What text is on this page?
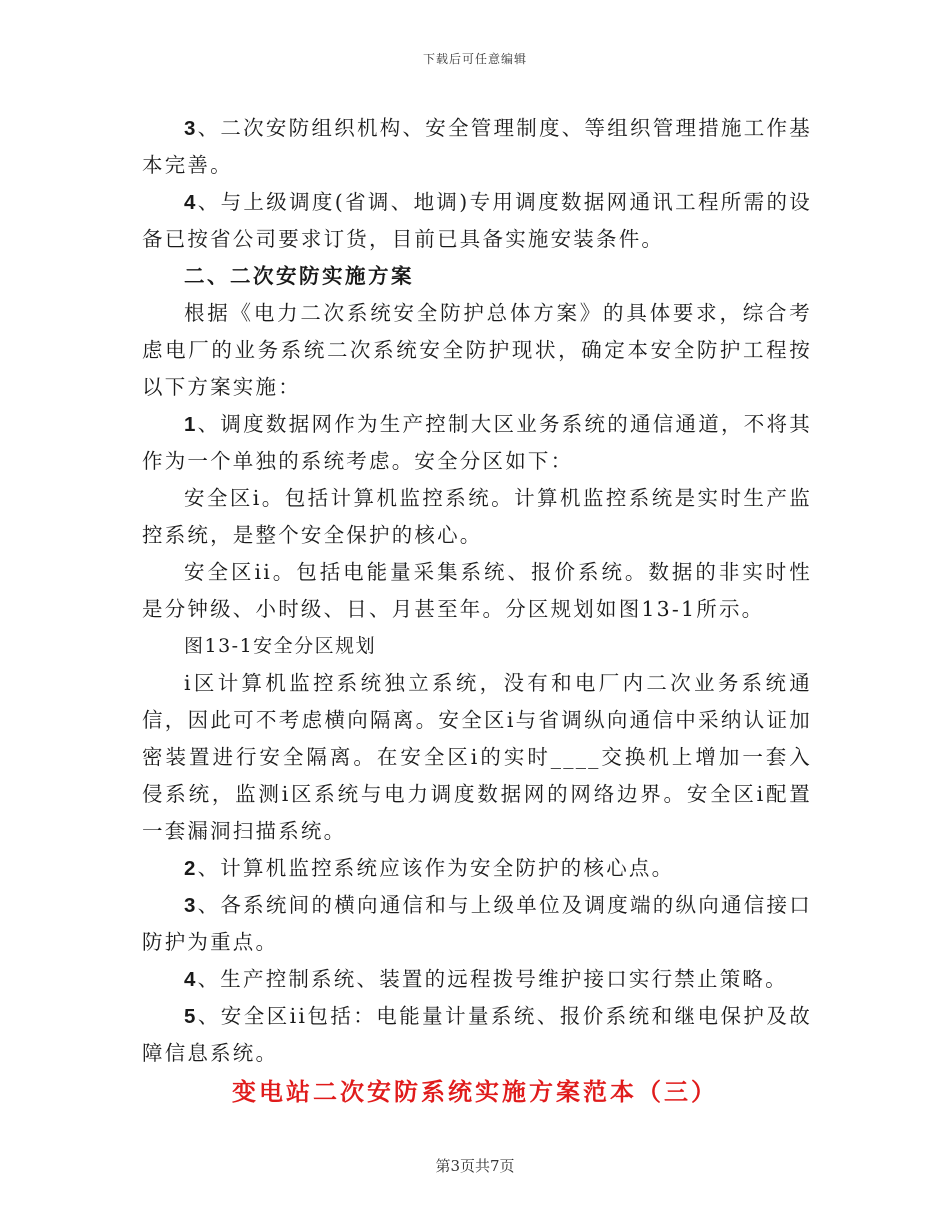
下载后可任意编辑

3、二次安防组织机构、安全管理制度、等组织管理措施工作基本完善。

4、与上级调度(省调、地调)专用调度数据网通讯工程所需的设备已按省公司要求订货，目前已具备实施安装条件。

二、二次安防实施方案

根据《电力二次系统安全防护总体方案》的具体要求，综合考虑电厂的业务系统二次系统安全防护现状，确定本安全防护工程按以下方案实施：

1、调度数据网作为生产控制大区业务系统的通信通道，不将其作为一个单独的系统考虑。安全分区如下：

安全区i。包括计算机监控系统。计算机监控系统是实时生产监控系统，是整个安全保护的核心。

安全区ii。包括电能量采集系统、报价系统。数据的非实时性是分钟级、小时级、日、月甚至年。分区规划如图13-1所示。

图13-1安全分区规划

i区计算机监控系统独立系统，没有和电厂内二次业务系统通信，因此可不考虑横向隔离。安全区i与省调纵向通信中采纳认证加密装置进行安全隔离。在安全区i的实时____交换机上增加一套入侵系统，监测i区系统与电力调度数据网的网络边界。安全区i配置一套漏洞扫描系统。

2、计算机监控系统应该作为安全防护的核心点。

3、各系统间的横向通信和与上级单位及调度端的纵向通信接口防护为重点。

4、生产控制系统、装置的远程拨号维护接口实行禁止策略。

5、安全区ii包括：电能量计量系统、报价系统和继电保护及故障信息系统。

变电站二次安防系统实施方案范本（三）
第3页共7页
